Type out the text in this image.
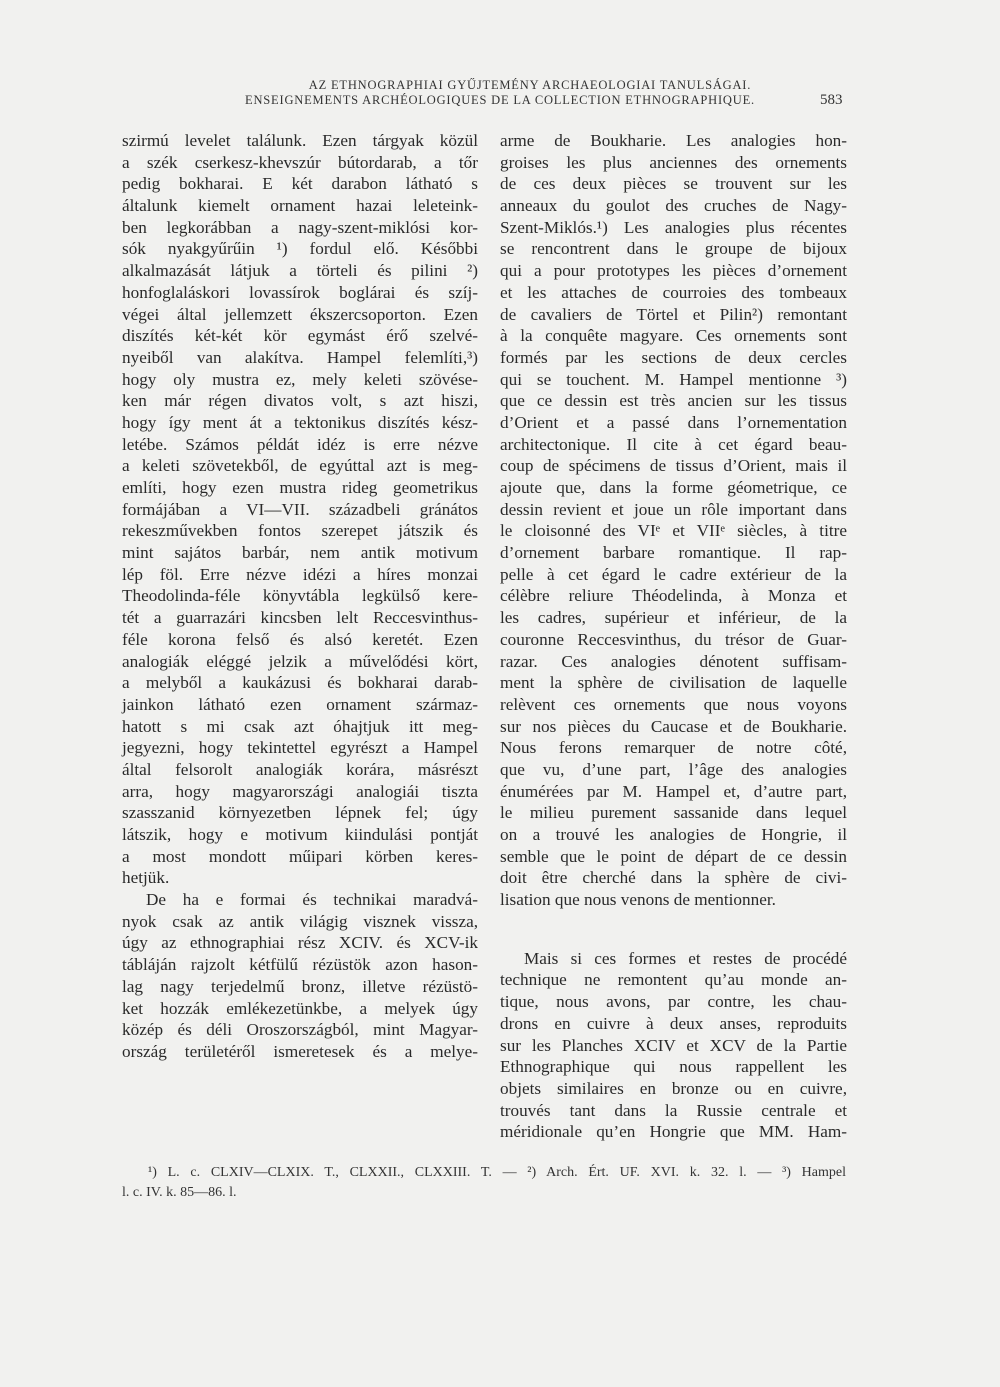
AZ ETHNOGRAPHIAI GYŰJTEMÉNY ARCHAEOLOGIAI TANULSÁGAI.
ENSEIGNEMENTS ARCHÉOLOGIQUES DE LA COLLECTION ETHNOGRAPHIQUE.	583
szirmú levelet találunk. Ezen tárgyak közül
a szék cserkesz-khevszúr bútordarab, a tőr
pedig bokharai. E két darabon látható s
általunk kiemelt ornament hazai leleteink-
ben legkorábban a nagy-szent-miklósi kor-
sók nyakgyűrűin ¹) fordul elő. Későbbi
alkalmazását látjuk a törteli és pilini ²)
honfoglaláskori lovassírok boglárai és szíj-
végei által jellemzett ékszercsoporton. Ezen
diszítés két-két kör egymást érő szelvé-
nyeiből van alakítva. Hampel felemlíti,³)
hogy oly mustra ez, mely keleti szövése-
ken már régen divatos volt, s azt hiszi,
hogy így ment át a tektonikus diszítés kész-
letébe. Számos példát idéz is erre nézve
a keleti szövetekből, de egyúttal azt is meg-
említi, hogy ezen mustra rideg geometrikus
formájában a VI—VII. századbeli gránátos
rekeszművekben fontos szerepet játszik és
mint sajátos barbár, nem antik motivum
lép föl. Erre nézve idézi a híres monzai
Theodolinda-féle könyvtábla legkülső kere-
tét a guarrazári kincsben lelt Reccesvinthus-
féle korona felső és alsó keretét. Ezen
analogiák eléggé jelzik a művelődési kört,
a melyből a kaukázusi és bokharai darab-
jainkon látható ezen ornament származ-
hatott s mi csak azt óhajtjuk itt meg-
jegyezni, hogy tekintettel egyrészt a Hampel
által felsorolt analogiák korára, másrészt
arra, hogy magyarországi analogiái tiszta
szasszanid környezetben lépnek fel; úgy
látszik, hogy e motivum kiindulási pontját
a most mondott műipari körben keres-
hetjük.
De ha e formai és technikai maradvá-
nyok csak az antik világig visznek vissza,
úgy az ethnographiai rész XCIV. és XCV-ik
tábláján rajzolt kétfülű rézüstök azon hason-
lag nagy terjedelmű bronz, illetve rézüstö-
ket hozzák emlékezetünkbe, a melyek úgy
közép és déli Oroszországból, mint Magyar-
ország területéről ismeretesek és a melye-
arme de Boukharie. Les analogies hon-
groises les plus anciennes des ornements
de ces deux pièces se trouvent sur les
anneaux du goulot des cruches de Nagy-
Szent-Miklós.¹) Les analogies plus récentes
se rencontrent dans le groupe de bijoux
qui a pour prototypes les pièces d’ornement
et les attaches de courroies des tombeaux
de cavaliers de Törtel et Pilin²) remontant
à la conquête magyare. Ces ornements sont
formés par les sections de deux cercles
qui se touchent. M. Hampel mentionne ³)
que ce dessin est très ancien sur les tissus
d’Orient et a passé dans l’ornementation
architectonique. Il cite à cet égard beau-
coup de spécimens de tissus d’Orient, mais il
ajoute que, dans la forme géometrique, ce
dessin revient et joue un rôle important dans
le cloisonné des VIᵉ et VIIᵉ siècles, à titre
d’ornement barbare romantique. Il rap-
pelle à cet égard le cadre extérieur de la
célèbre reliure Théodelinda, à Monza et
les cadres, supérieur et inférieur, de la
couronne Reccesvinthus, du trésor de Guar-
razar. Ces analogies dénotent suffisam-
ment la sphère de civilisation de laquelle
relèvent ces ornements que nous voyons
sur nos pièces du Caucase et de Boukharie.
Nous ferons remarquer de notre côté,
que vu, d’une part, l’âge des analogies
énumérées par M. Hampel et, d’autre part,
le milieu purement sassanide dans lequel
on a trouvé les analogies de Hongrie, il
semble que le point de départ de ce dessin
doit être cherché dans la sphère de civi-
lisation que nous venons de mentionner.
Mais si ces formes et restes de procédé
technique ne remontent qu’au monde an-
tique, nous avons, par contre, les chau-
drons en cuivre à deux anses, reproduits
sur les Planches XCIV et XCV de la Partie
Ethnographique qui nous rappellent les
objets similaires en bronze ou en cuivre,
trouvés tant dans la Russie centrale et
méridionale qu’en Hongrie que MM. Ham-
¹) L. c. CLXIV—CLXIX. T., CLXXII., CLXXIII. T. — ²) Arch. Ért. UF. XVI. k. 32. l. — ³) Hampel
l. c. IV. k. 85—86. l.
